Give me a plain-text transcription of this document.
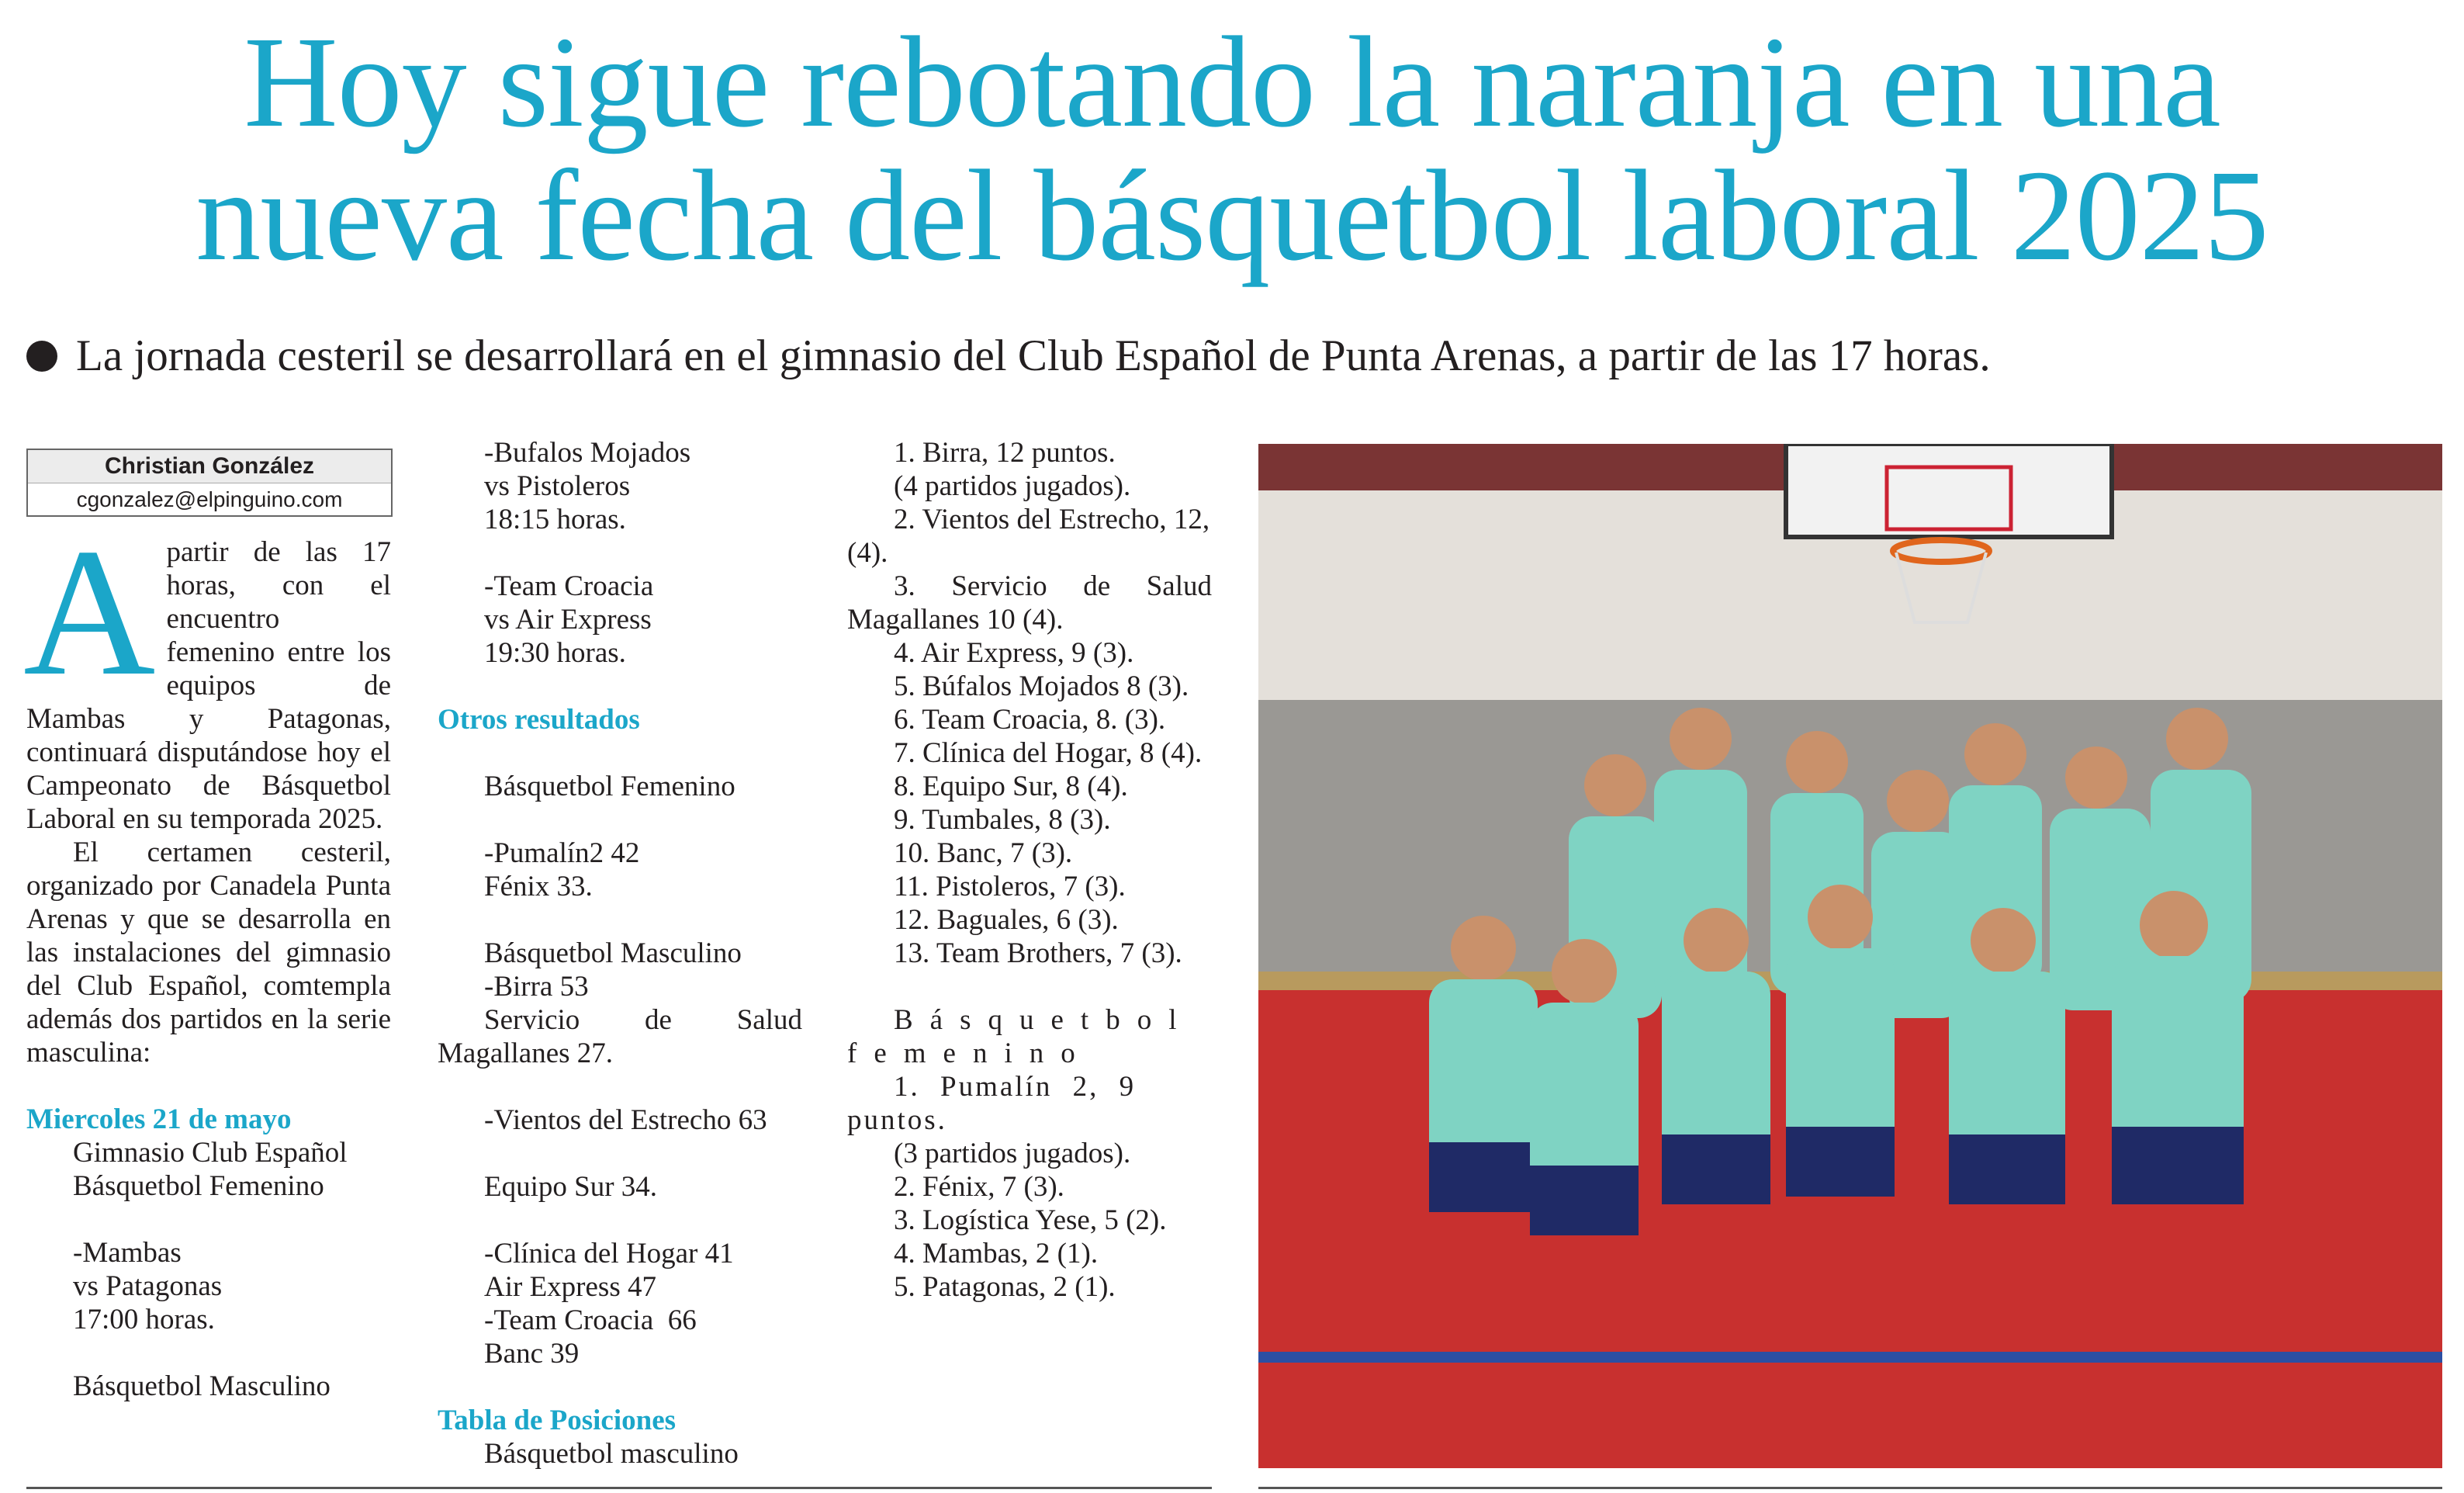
Hoy sigue rebotando la naranja en una
nueva fecha del básquetbol laboral 2025
La jornada cesteril se desarrollará en el gimnasio del Club Español de Punta Arenas, a partir de las 17 horas.
Christian González
cgonzalez@elpinguino.com

Apartir de las 17 horas, con el encuentro femenino entre los equipos de Mambas y Patagonas, continuará disputándose hoy el Campeonato de Básquetbol Laboral en su temporada 2025.

El certamen cesteril, organizado por Canadela Punta Arenas y que se desarrolla en las instalaciones del gimnasio del Club Español, comtempla además dos partidos en la serie masculina:

Miercoles 21 de mayo

Gimnasio Club Español

Básquetbol Femenino

-Mambas

vs Patagonas

17:00 horas.

Básquetbol Masculino

-Bufalos Mojados

vs Pistoleros

18:15 horas.

-Team Croacia

vs Air Express

19:30 horas.

Otros resultados

Básquetbol Femenino

-Pumalín2 42

Fénix 33.

Básquetbol Masculino

-Birra 53

Servicio de Salud Magallanes 27.

-Vientos del Estrecho 63

Equipo Sur 34.

-Clínica del Hogar 41

Air Express 47

-Team Croacia  66

Banc 39

Tabla de Posiciones

Básquetbol masculino

1. Birra, 12 puntos.

(4 partidos jugados).

2. Vientos del Estrecho, 12, (4).

3. Servicio de Salud Magallanes 10 (4).

4. Air Express, 9 (3).

5. Búfalos Mojados 8 (3).

6. Team Croacia, 8. (3).

7. Clínica del Hogar, 8 (4).

8. Equipo Sur, 8 (4).

9. Tumbales, 8 (3).

10. Banc, 7 (3).

11. Pistoleros, 7 (3).

12. Baguales, 6 (3).

13. Team Brothers, 7 (3).

Básquetbol femenino

1. Pumalín 2, 9 puntos.

(3 partidos jugados).

2. Fénix, 7 (3).

3. Logística Yese, 5 (2).

4. Mambas, 2 (1).

5. Patagonas, 2 (1).
